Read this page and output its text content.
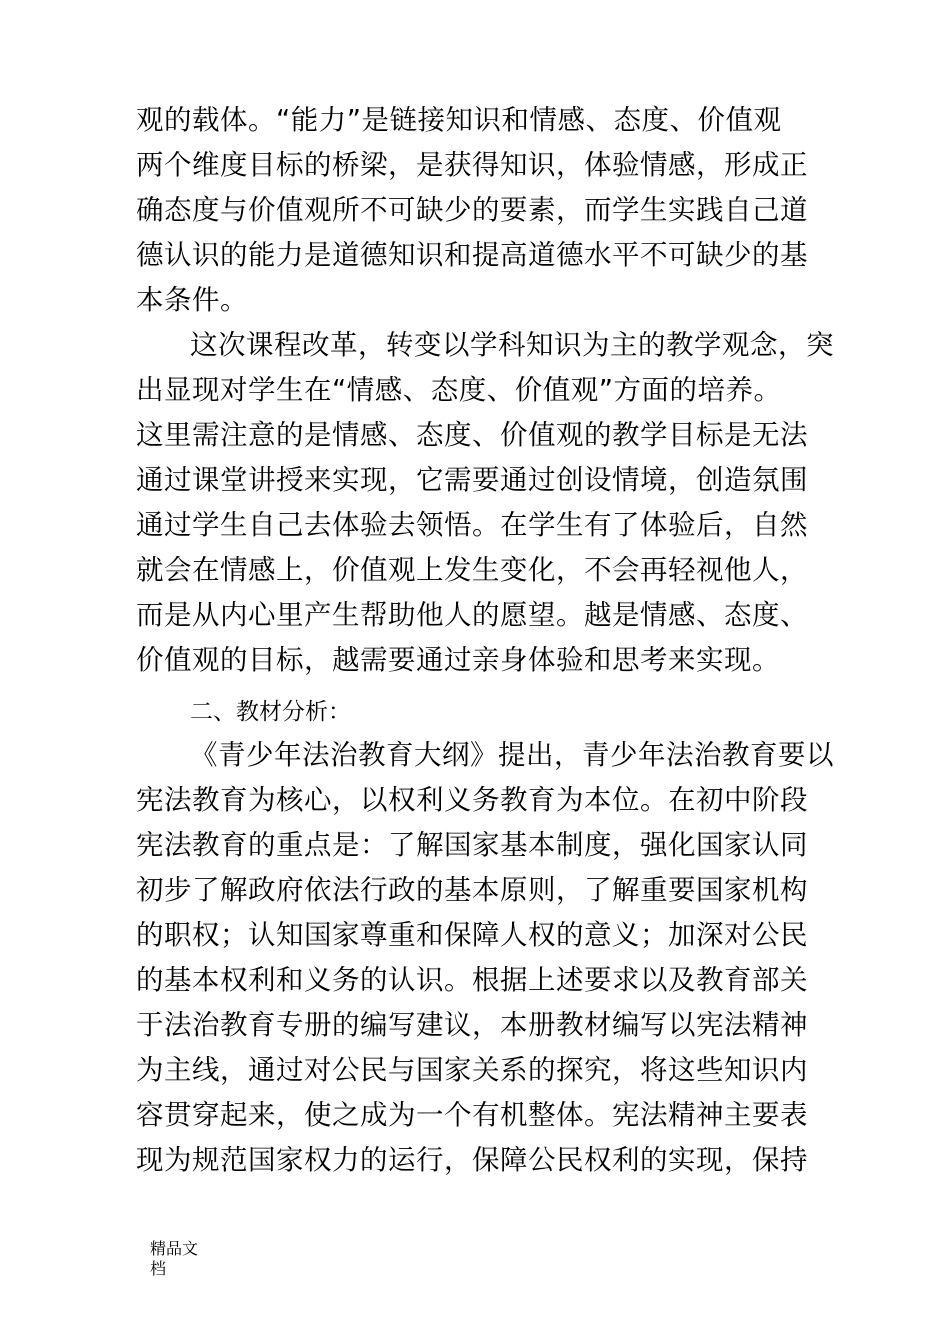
观的载体。“能力”是链接知识和情感、态度、价值观
两个维度目标的桥梁，是获得知识，体验情感，形成正
确态度与价值观所不可缺少的要素，而学生实践自己道
德认识的能力是道德知识和提高道德水平不可缺少的基
本条件。
这次课程改革，转变以学科知识为主的教学观念，突
出显现对学生在“情感、态度、价值观”方面的培养。
这里需注意的是情感、态度、价值观的教学目标是无法
通过课堂讲授来实现，它需要通过创设情境，创造氛围
通过学生自己去体验去领悟。在学生有了体验后，自然
就会在情感上，价值观上发生变化，不会再轻视他人，
而是从内心里产生帮助他人的愿望。越是情感、态度、
价值观的目标，越需要通过亲身体验和思考来实现。
二、教材分析：
《青少年法治教育大纲》提出，青少年法治教育要以
宪法教育为核心，以权利义务教育为本位。在初中阶段
宪法教育的重点是：了解国家基本制度，强化国家认同
初步了解政府依法行政的基本原则，了解重要国家机构
的职权；认知国家尊重和保障人权的意义；加深对公民
的基本权利和义务的认识。根据上述要求以及教育部关
于法治教育专册的编写建议，本册教材编写以宪法精神
为主线，通过对公民与国家关系的探究，将这些知识内
容贯穿起来，使之成为一个有机整体。宪法精神主要表
现为规范国家权力的运行，保障公民权利的实现，保持
精品文
档
